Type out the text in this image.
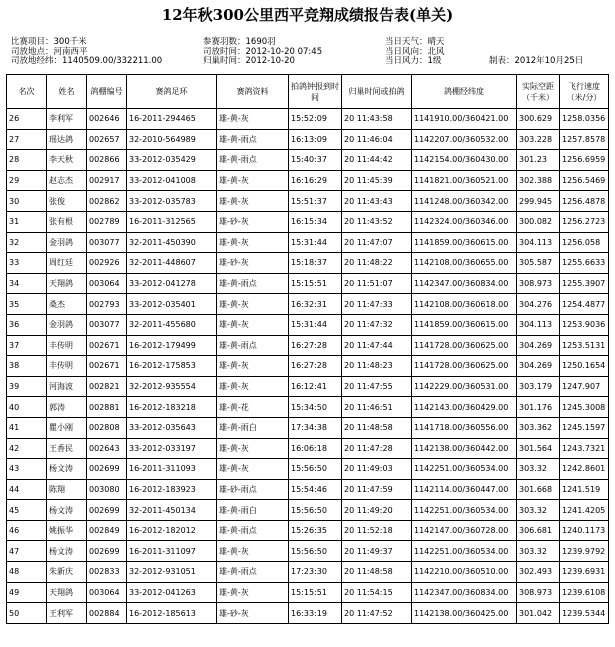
12年秋300公里西平竞翔成绩报告表(单关)
比赛项目：300千米	参赛羽数：1690羽	当日天气：晴天
司放地点：河南西平	司放时间：2012-10-20 07:45	当日风向：北风
司放地经纬：1140509.00/332211.00	归巢时间：2012-10-20	当日风力：1级	制表：2012年10月25日
名次	姓名	鸽棚编号	赛鸽足环	赛鸽资料	拍鸽钟报到时间	归巢时间或拍鸽	鸽棚经纬度	实际空距（千米）	飞行速度（米/分）
26	李利军	002646	16-2011-294465	雄-黄-灰	15:52:09	20 11:43:58	1141910.00/360421.00	300.629	1258.0356
27	瑶达鸽	002657	32-2010-564989	雄-黄-雨点	16:13:09	20 11:46:04	1142207.00/360532.00	303.228	1257.8578
28	李天秋	002866	33-2012-035429	雄-黄-雨点	15:40:37	20 11:44:42	1142154.00/360430.00	301.23	1256.6959
29	赵志杰	002917	33-2012-041008	雄-黄-灰	16:16:29	20 11:45:39	1141821.00/360521.00	302.388	1256.5469
30	张俊	002862	33-2012-035783	雄-黄-灰	15:51:37	20 11:43:43	1141248.00/360342.00	299.945	1256.4878
31	张有根	002789	16-2011-312565	雄-砂-灰	16:15:34	20 11:43:52	1142324.00/360346.00	300.082	1256.2723
32	金羽鸽	003077	32-2011-450390	雄-黄-灰	15:31:44	20 11:47:07	1141859.00/360615.00	304.113	1256.058
33	周红廷	002926	32-2011-448607	雄-砂-灰	15:18:37	20 11:48:22	1142108.00/360655.00	305.587	1255.6633
34	天翔鸽	003064	33-2012-041278	雄-黄-雨点	15:15:51	20 11:51:07	1142347.00/360834.00	308.973	1255.3907
35	桑杰	002793	33-2012-035401	雄-黄-灰	16:32:31	20 11:47:33	1142108.00/360618.00	304.276	1254.4877
36	金羽鸽	003077	32-2011-455680	雄-黄-灰	15:31:44	20 11:47:32	1141859.00/360615.00	304.113	1253.9036
37	丰传明	002671	16-2012-179499	雄-黄-雨点	16:27:28	20 11:47:44	1141728.00/360625.00	304.269	1253.5131
38	丰传明	002671	16-2012-175853	雄-黄-灰	16:27:28	20 11:48:23	1141728.00/360625.00	304.269	1250.1654
39	河海波	002821	32-2012-935554	雄-黄-灰	16:12:41	20 11:47:55	1142229.00/360531.00	303.179	1247.907
40	郭涛	002881	16-2012-183218	雄-黄-花	15:34:50	20 11:46:51	1142143.00/360429.00	301.176	1245.3008
41	瞿小刚	002808	33-2012-035643	雄-黄-雨白	17:34:38	20 11:48:58	1141718.00/360556.00	303.362	1245.1597
42	王香民	002643	33-2012-033197	雄-黄-灰	16:06:18	20 11:47:28	1142138.00/360442.00	301.564	1243.7321
43	杨文涛	002699	16-2011-311093	雄-黄-灰	15:56:50	20 11:49:03	1142251.00/360534.00	303.32	1242.8601
44	陈翔	003080	16-2012-183923	雄-砂-雨点	15:54:46	20 11:47:59	1142114.00/360447.00	301.668	1241.519
45	杨文涛	002699	32-2011-450134	雄-黄-雨白	15:56:50	20 11:49:20	1142251.00/360534.00	303.32	1241.4205
46	姚振华	002849	16-2012-182012	雄-黄-雨点	15:26:35	20 11:52:18	1142147.00/360728.00	306.681	1240.1173
47	杨文涛	002699	16-2011-311097	雄-黄-灰	15:56:50	20 11:49:37	1142251.00/360534.00	303.32	1239.9792
48	朱新庆	002833	32-2012-931051	雄-黄-雨点	17:23:30	20 11:48:58	1142210.00/360510.00	302.493	1239.6931
49	天翔鸽	003064	33-2012-041263	雄-黄-灰	15:15:51	20 11:54:15	1142347.00/360834.00	308.973	1239.6108
50	王利军	002884	16-2012-185613	雄-砂-灰	16:33:19	20 11:47:52	1142138.00/360425.00	301.042	1239.5344
